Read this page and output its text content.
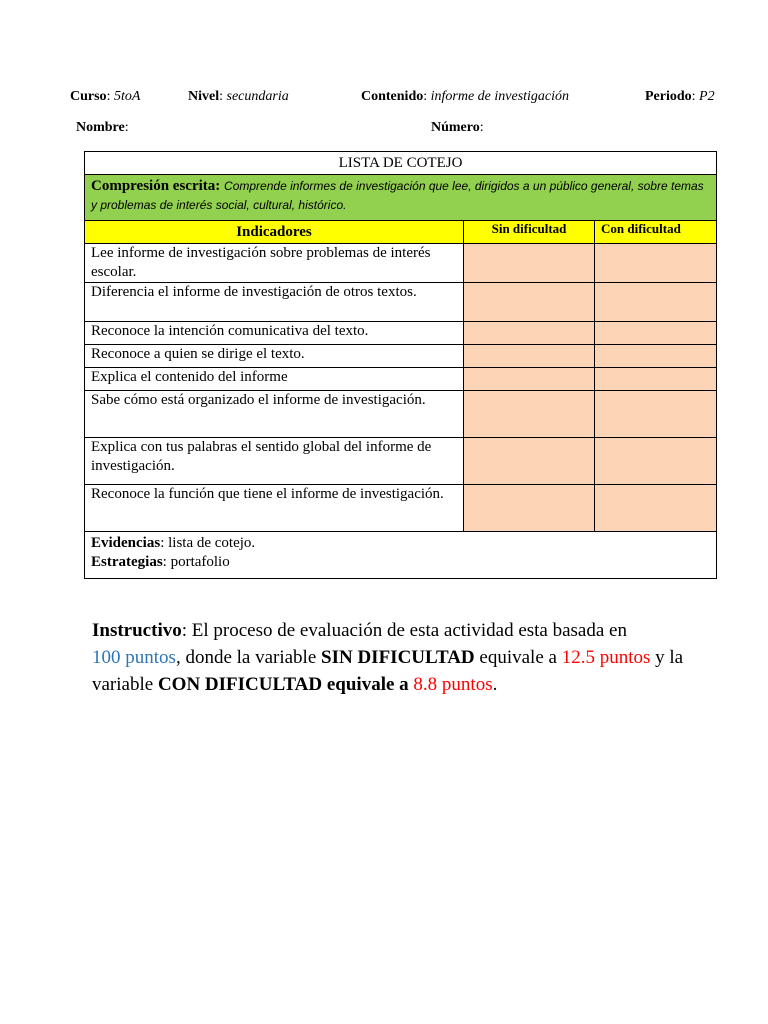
Curso: 5toA	Nivel: secundaria	Contenido: informe de investigación	Periodo: P2
Nombre:	Número:
LISTA DE COTEJO		
Compresión escrita: Comprende informes de investigación que lee, dirigidos a un público general, sobre temas y problemas de interés social, cultural, histórico.		
Indicadores	Sin dificultad	Con dificultad
Lee informe de investigación sobre problemas de interés escolar.		
Diferencia el informe de investigación de otros textos.		
Reconoce la intención comunicativa del texto.		
Reconoce a quien se dirige el texto.		
Explica el contenido del informe		
Sabe cómo está organizado el informe de investigación.		
Explica con tus palabras el sentido global del informe de investigación.		
Reconoce la función que tiene el informe de investigación.		

Evidencias: lista de cotejo.
Estrategias: portafolio		
Instructivo: El proceso de evaluación de esta actividad esta basada en
100 puntos, donde la variable SIN DIFICULTAD equivale a 12.5 puntos y la variable CON DIFICULTAD equivale a 8.8 puntos.
